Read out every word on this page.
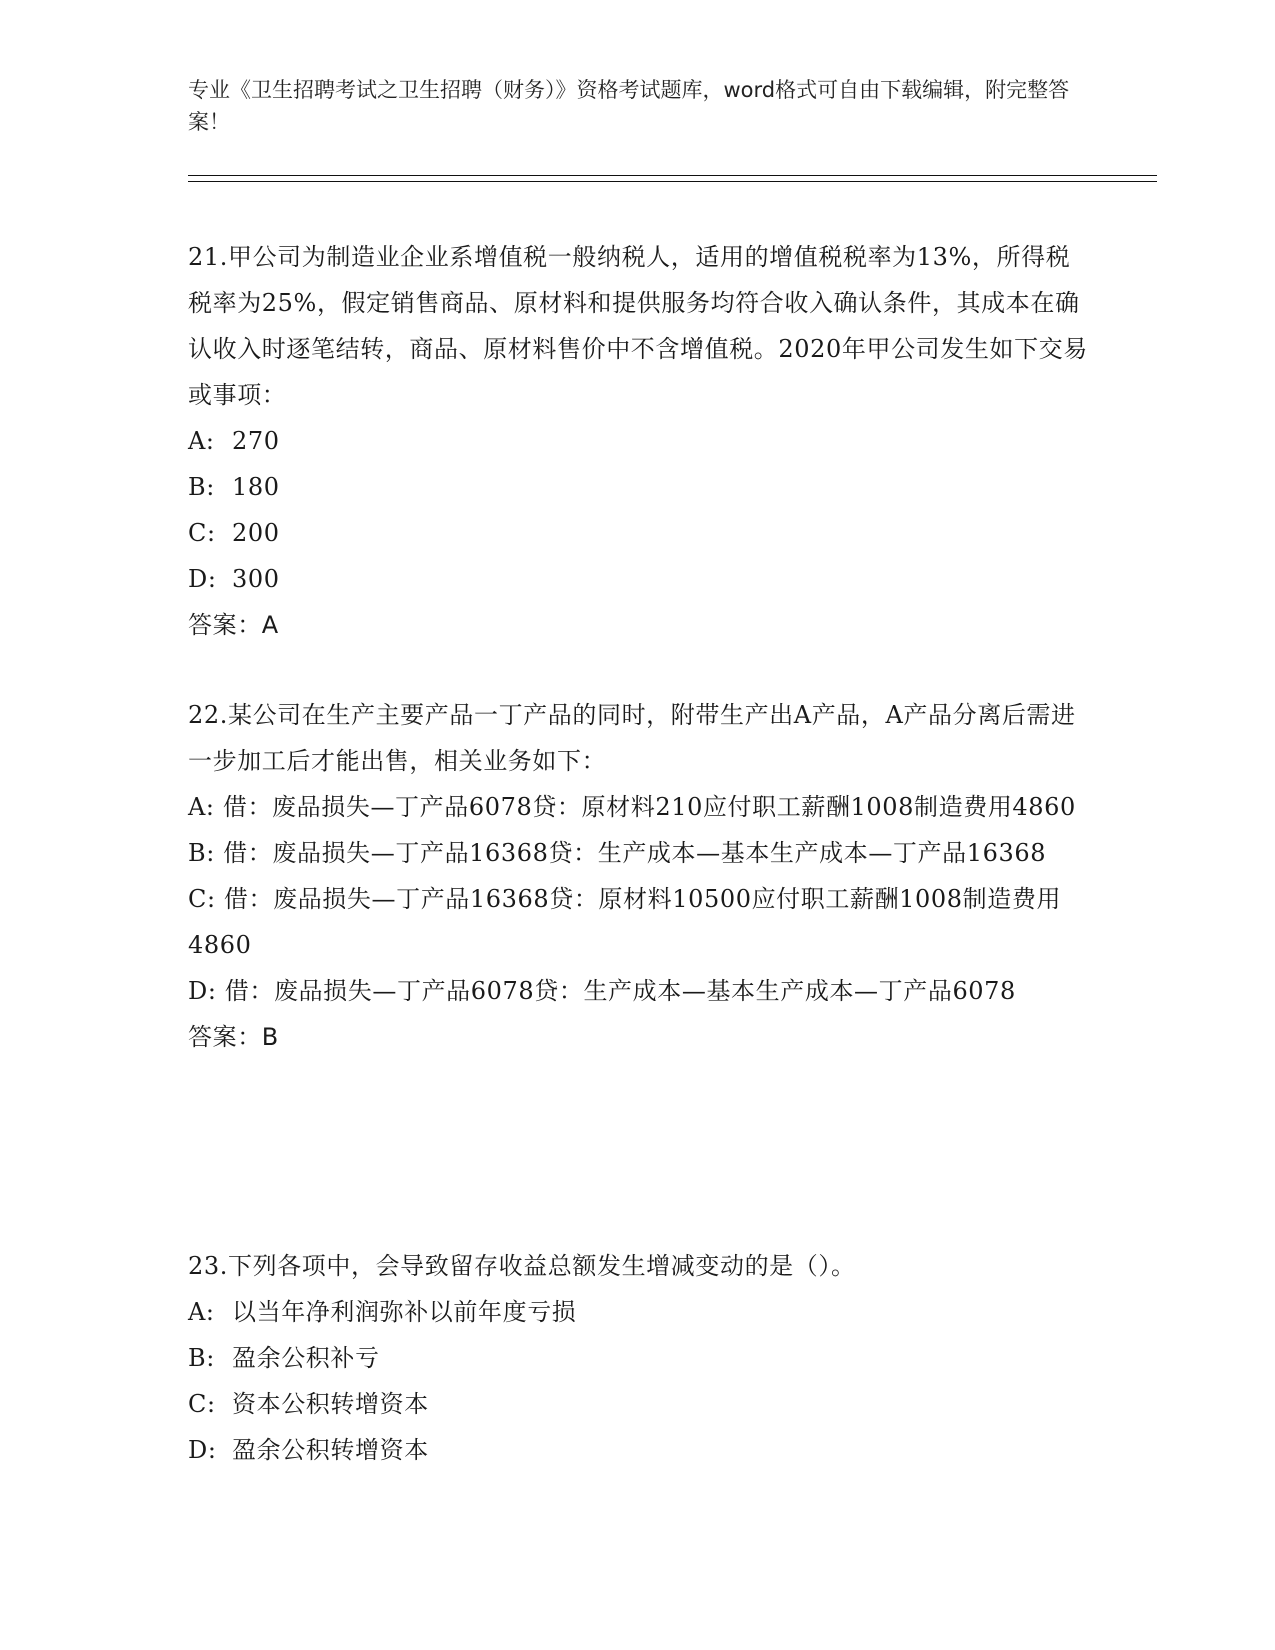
专业《卫生招聘考试之卫生招聘（财务）》资格考试题库，word格式可自由下载编辑，附完整答案！
21.甲公司为制造业企业系增值税一般纳税人，适用的增值税税率为13%，所得税税率为25%，假定销售商品、原材料和提供服务均符合收入确认条件，其成本在确认收入时逐笔结转，商品、原材料售价中不含增值税。2020年甲公司发生如下交易或事项：
A: 270
B: 180
C: 200
D: 300
答案：A
22.某公司在生产主要产品一丁产品的同时，附带生产出A产品，A产品分离后需进一步加工后才能出售，相关业务如下：
A: 借：废品损失—丁产品6078贷：原材料210应付职工薪酬1008制造费用4860
B: 借：废品损失—丁产品16368贷：生产成本—基本生产成本—丁产品16368
C: 借：废品损失—丁产品16368贷：原材料10500应付职工薪酬1008制造费用4860
D: 借：废品损失—丁产品6078贷：生产成本—基本生产成本—丁产品6078
答案：B
23.下列各项中，会导致留存收益总额发生增减变动的是（）。
A: 以当年净利润弥补以前年度亏损
B: 盈余公积补亏
C: 资本公积转增资本
D: 盈余公积转增资本
